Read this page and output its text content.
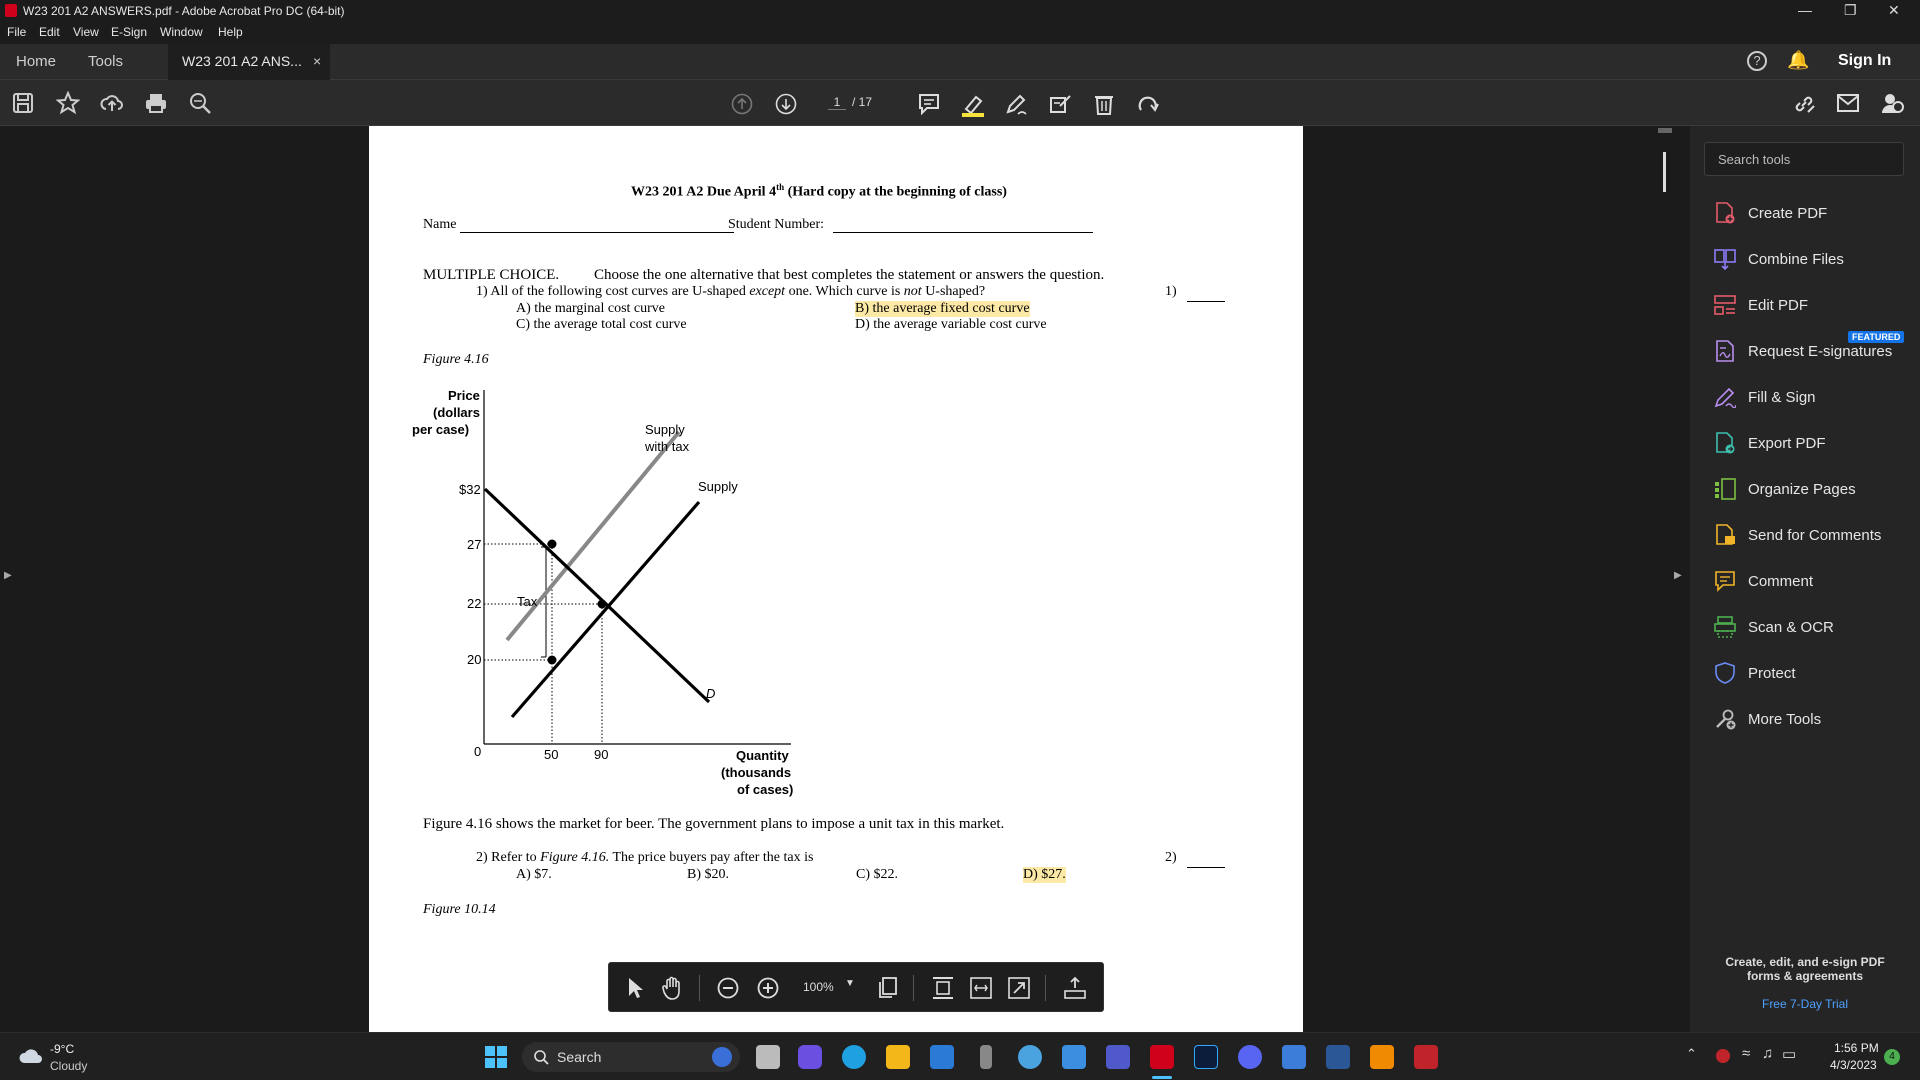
W23 201 A2 ANSWERS.pdf - Adobe Acrobat Pro DC (64-bit)	— ❐ ✕
File Edit View E-Sign Window Help
Home Tools	W23 201 A2 ANS... ×	?	🔔 Sign In
1 / 17
▶
W23 201 A2 Due April 4th (Hard copy at the beginning of class)
Name	Student Number:
MULTIPLE CHOICE. Choose the one alternative that best completes the statement or answers the question.
1) All of the following cost curves are U-shaped except one. Which curve is not U-shaped?	1)
A) the marginal cost curve	B) the average fixed cost curve
C) the average total cost curve	D) the average variable cost curve
Figure 4.16
Price
(dollars
per case)
$32
27
22
20
0	50	90	Quantity
(thousands
of cases)
Supply
with tax
Supply
D
Tax
Figure 4.16 shows the market for beer. The government plans to impose a unit tax in this market.
2) Refer to Figure 4.16. The price buyers pay after the tax is	2)
A) $7.	B) $20.	C) $22.	D) $27.
Figure 10.14
▶
Search tools
FEATURED
Create PDF
Combine Files
Edit PDF
Request E-signatures
Fill & Sign
Export PDF
Organize Pages
Send for Comments
Comment
Scan & OCR
Protect
More Tools
Create, edit, and e-sign PDF
forms & agreements
Free 7-Day Trial
100% ▼
-9°C
Cloudy
Search	⌃	≈ ♫ ▭	1:56 PM
4/3/2023
4
